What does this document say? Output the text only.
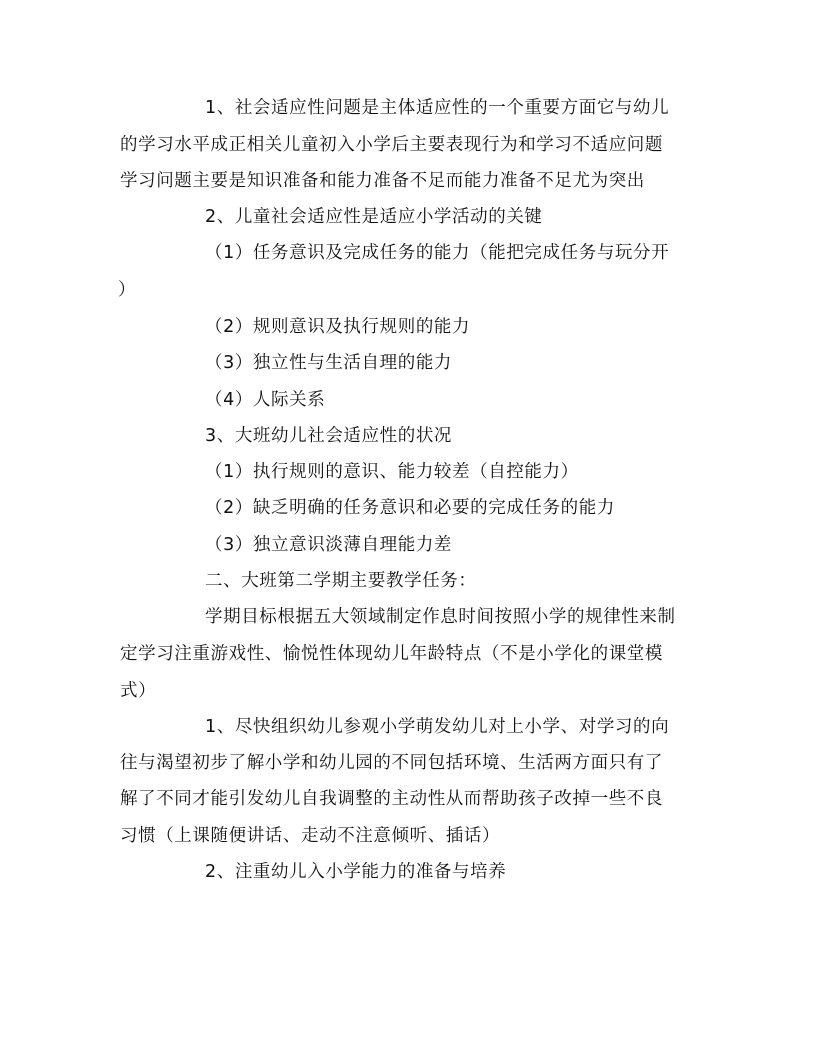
1、社会适应性问题是主体适应性的一个重要方面它与幼儿
的学习水平成正相关儿童初入小学后主要表现行为和学习不适应问题
学习问题主要是知识准备和能力准备不足而能力准备不足尤为突出
2、儿童社会适应性是适应小学活动的关键
（1）任务意识及完成任务的能力（能把完成任务与玩分开
）
（2）规则意识及执行规则的能力
（3）独立性与生活自理的能力
（4）人际关系
3、大班幼儿社会适应性的状况
（1）执行规则的意识、能力较差（自控能力）
（2）缺乏明确的任务意识和必要的完成任务的能力
（3）独立意识淡薄自理能力差
二、大班第二学期主要教学任务：
学期目标根据五大领域制定作息时间按照小学的规律性来制
定学习注重游戏性、愉悦性体现幼儿年龄特点（不是小学化的课堂模
式）
1、尽快组织幼儿参观小学萌发幼儿对上小学、对学习的向
往与渴望初步了解小学和幼儿园的不同包括环境、生活两方面只有了
解了不同才能引发幼儿自我调整的主动性从而帮助孩子改掉一些不良
习惯（上课随便讲话、走动不注意倾听、插话）
2、注重幼儿入小学能力的准备与培养
